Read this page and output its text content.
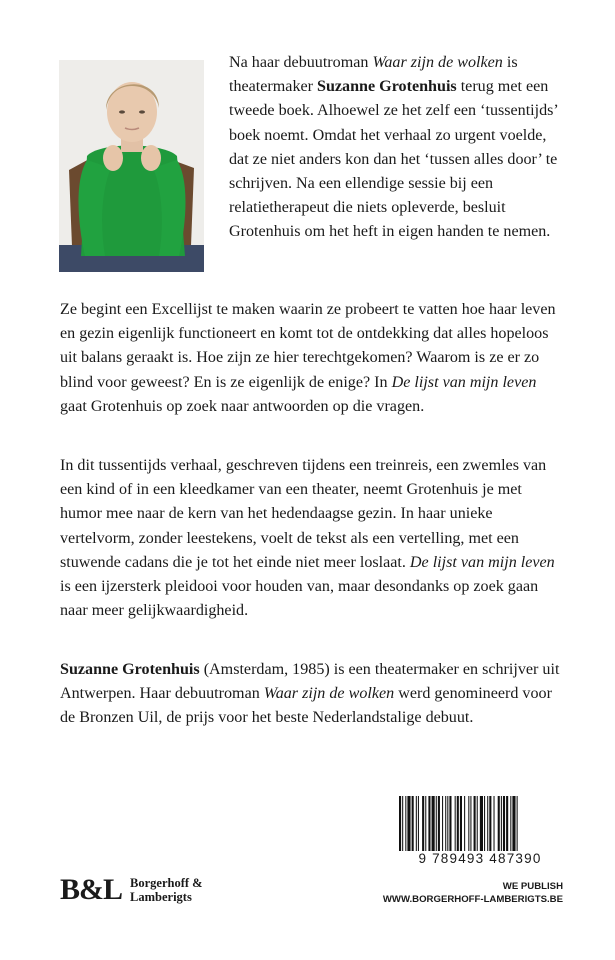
Na haar debuutroman Waar zijn de wolken is theatermaker Suzanne Grotenhuis terug met een tweede boek. Alhoewel ze het zelf een ‘tussentijds’ boek noemt. Omdat het verhaal zo urgent voelde, dat ze niet anders kon dan het ‘tussen alles door’ te schrijven. Na een ellendige sessie bij een relatietherapeut die niets opleverde, besluit Grotenhuis om het heft in eigen handen te nemen.

Ze begint een Excellijst te maken waarin ze probeert te vatten hoe haar leven en gezin eigenlijk functioneert en komt tot de ontdekking dat alles hopeloos uit balans geraakt is. Hoe zijn ze hier terechtgekomen? Waarom is ze er zo blind voor geweest? En is ze eigenlijk de enige? In De lijst van mijn leven gaat Grotenhuis op zoek naar antwoorden op die vragen.

In dit tussentijds verhaal, geschreven tijdens een treinreis, een zwemles van een kind of in een kleedkamer van een theater, neemt Grotenhuis je met humor mee naar de kern van het hedendaagse gezin. In haar unieke vertelvorm, zonder leestekens, voelt de tekst als een vertelling, met een stuwende cadans die je tot het einde niet meer loslaat. De lijst van mijn leven is een ijzersterk pleidooi voor houden van, maar desondanks op zoek gaan naar meer gelijkwaardigheid.

Suzanne Grotenhuis (Amsterdam, 1985) is een theatermaker en schrijver uit Antwerpen. Haar debuutroman Waar zijn de wolken werd genomineerd voor de Bronzen Uil, de prijs voor het beste Nederlandstalige debuut.

9 789493 487390
B&L Borgerhoff &
Lamberigts
WE PUBLISH
WWW.BORGERHOFF-LAMBERIGTS.BE
